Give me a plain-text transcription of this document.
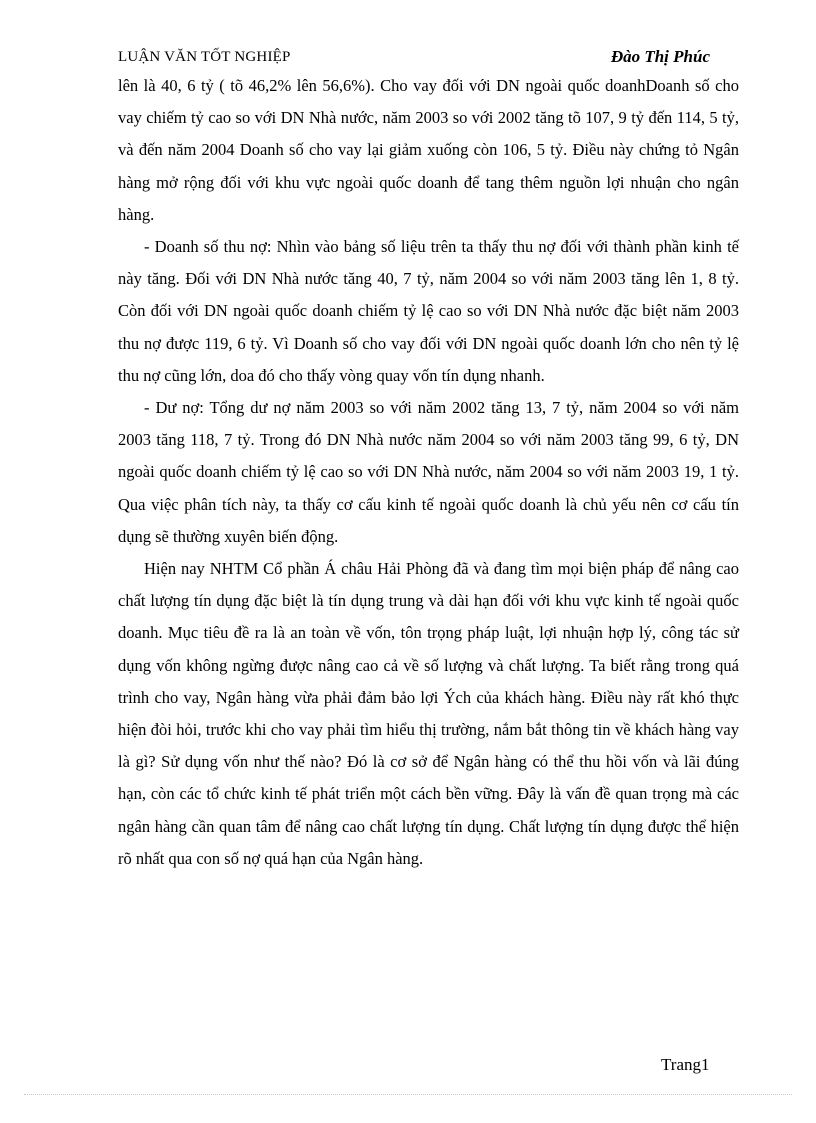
LUẬN VĂN TỐT NGHIỆP	Đào Thị Phúc

lên là 40, 6 tỷ ( tõ 46,2% lên 56,6%). Cho vay đối với DN ngoài quốc doanhDoanh số cho vay chiếm tỷ cao so với DN Nhà nước, năm 2003 so với 2002 tăng tõ 107, 9 tỷ đến 114, 5 tỷ, và đến năm 2004 Doanh số cho vay lại giảm xuống còn 106, 5 tỷ. Điều này chứng tỏ Ngân hàng mở rộng đối với khu vực ngoài quốc doanh để tang thêm nguồn lợi nhuận cho ngân hàng.

- Doanh số thu nợ: Nhìn vào bảng số liệu trên ta thấy thu nợ đối với thành phần kinh tế này tăng. Đối với DN Nhà nước tăng 40, 7 tỷ, năm 2004 so với năm 2003 tăng lên 1, 8 tỷ. Còn đối với DN ngoài quốc doanh chiếm tỷ lệ cao so với DN Nhà nước đặc biệt năm 2003 thu nợ được 119, 6 tỷ. Vì Doanh số cho vay đối với DN ngoài quốc doanh lớn cho nên tỷ lệ thu nợ cũng lớn, doa đó cho thấy vòng quay vốn tín dụng nhanh.

- Dư nợ: Tổng dư nợ năm 2003 so với năm 2002 tăng 13, 7 tỷ, năm 2004 so với năm 2003 tăng 118, 7 tỷ. Trong đó DN Nhà nước năm 2004 so với năm 2003 tăng 99, 6 tỷ, DN ngoài quốc doanh chiếm tỷ lệ cao so với DN Nhà nước, năm 2004 so với năm 2003 19, 1 tỷ. Qua việc phân tích này, ta thấy cơ cấu kinh tế ngoài quốc doanh là chủ yếu nên cơ cấu tín dụng sẽ thường xuyên biến động.

Hiện nay NHTM Cổ phần Á châu Hải Phòng đã và đang tìm mọi biện pháp để nâng cao chất lượng tín dụng đặc biệt là tín dụng trung và dài hạn đối với khu vực kinh tế ngoài quốc doanh. Mục tiêu đề ra là an toàn về vốn, tôn trọng pháp luật, lợi nhuận hợp lý, công tác sử dụng vốn không ngừng được nâng cao cả về số lượng và chất lượng. Ta biết rằng trong quá trình cho vay, Ngân hàng vừa phải đảm bảo lợi Ých của khách hàng. Điều này rất khó thực hiện đòi hỏi, trước khi cho vay phải tìm hiểu thị trường, nắm bắt thông tin về khách hàng vay là gì? Sử dụng vốn như thế nào? Đó là cơ sở để Ngân hàng có thể thu hồi vốn và lãi đúng hạn, còn các tổ chức kinh tế phát triển một cách bền vững. Đây là vấn đề quan trọng mà các ngân hàng cần quan tâm để nâng cao chất lượng tín dụng. Chất lượng tín dụng được thể hiện rõ nhất qua con số nợ quá hạn của Ngân hàng.

Trang1
